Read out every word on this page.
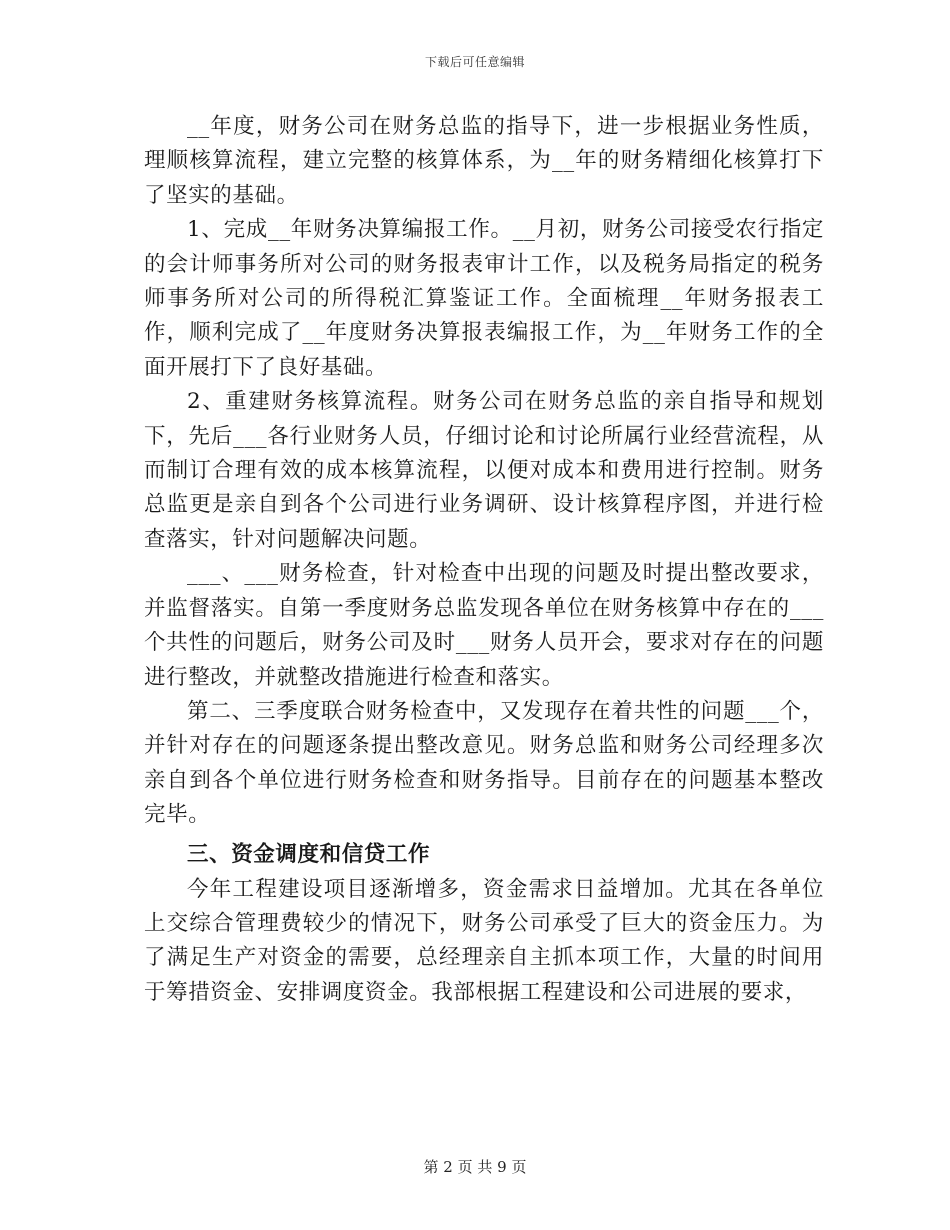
下载后可任意编辑

__年度，财务公司在财务总监的指导下，进一步根据业务性质，理顺核算流程，建立完整的核算体系，为__年的财务精细化核算打下了坚实的基础。

1、完成__年财务决算编报工作。__月初，财务公司接受农行指定的会计师事务所对公司的财务报表审计工作，以及税务局指定的税务师事务所对公司的所得税汇算鉴证工作。全面梳理__年财务报表工作，顺利完成了__年度财务决算报表编报工作，为__年财务工作的全面开展打下了良好基础。

2、重建财务核算流程。财务公司在财务总监的亲自指导和规划下，先后___各行业财务人员，仔细讨论和讨论所属行业经营流程，从而制订合理有效的成本核算流程，以便对成本和费用进行控制。财务总监更是亲自到各个公司进行业务调研、设计核算程序图，并进行检查落实，针对问题解决问题。

___、___财务检查，针对检查中出现的问题及时提出整改要求，并监督落实。自第一季度财务总监发现各单位在财务核算中存在的___个共性的问题后，财务公司及时___财务人员开会，要求对存在的问题进行整改，并就整改措施进行检查和落实。

第二、三季度联合财务检查中，又发现存在着共性的问题___个，并针对存在的问题逐条提出整改意见。财务总监和财务公司经理多次亲自到各个单位进行财务检查和财务指导。目前存在的问题基本整改完毕。

三、资金调度和信贷工作

今年工程建设项目逐渐增多，资金需求日益增加。尤其在各单位上交综合管理费较少的情况下，财务公司承受了巨大的资金压力。为了满足生产对资金的需要，总经理亲自主抓本项工作，大量的时间用于筹措资金、安排调度资金。我部根据工程建设和公司进展的要求，

第 2 页 共 9 页
